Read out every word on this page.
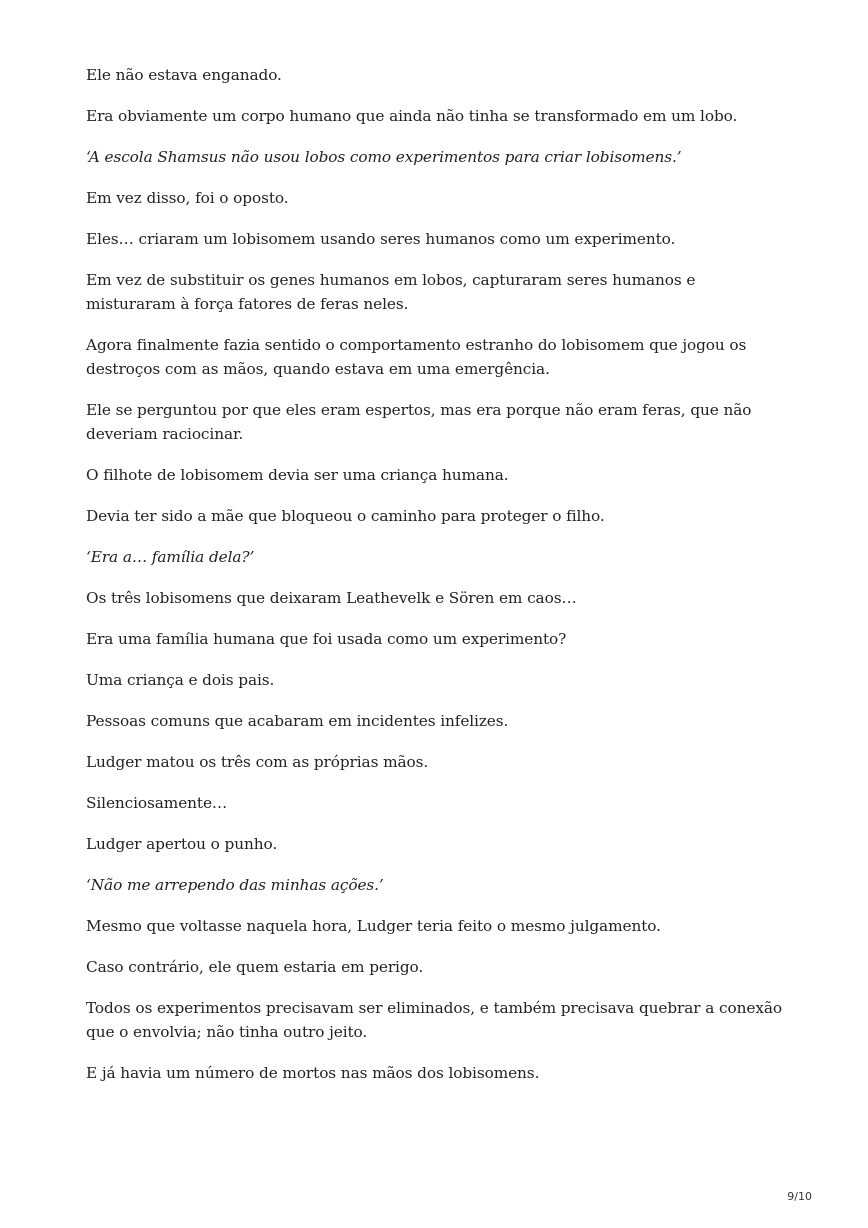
Ele não estava enganado.

Era obviamente um corpo humano que ainda não tinha se transformado em um lobo.

‘A escola Shamsus não usou lobos como experimentos para criar lobisomens.’

Em vez disso, foi o oposto.

Eles… criaram um lobisomem usando seres humanos como um experimento.

Em vez de substituir os genes humanos em lobos, capturaram seres humanos e misturaram à força fatores de feras neles.

Agora finalmente fazia sentido o comportamento estranho do lobisomem que jogou os destroços com as mãos, quando estava em uma emergência.

Ele se perguntou por que eles eram espertos, mas era porque não eram feras, que não deveriam raciocinar.

O filhote de lobisomem devia ser uma criança humana.

Devia ter sido a mãe que bloqueou o caminho para proteger o filho.

‘Era a… família dela?’

Os três lobisomens que deixaram Leathevelk e Sören em caos…

Era uma família humana que foi usada como um experimento?

Uma criança e dois pais.

Pessoas comuns que acabaram em incidentes infelizes.

Ludger matou os três com as próprias mãos.

Silenciosamente…

Ludger apertou o punho.

‘Não me arrependo das minhas ações.’

Mesmo que voltasse naquela hora, Ludger teria feito o mesmo julgamento.

Caso contrário, ele quem estaria em perigo.

Todos os experimentos precisavam ser eliminados, e também precisava quebrar a conexão que o envolvia; não tinha outro jeito.

E já havia um número de mortos nas mãos dos lobisomens.

9/10
